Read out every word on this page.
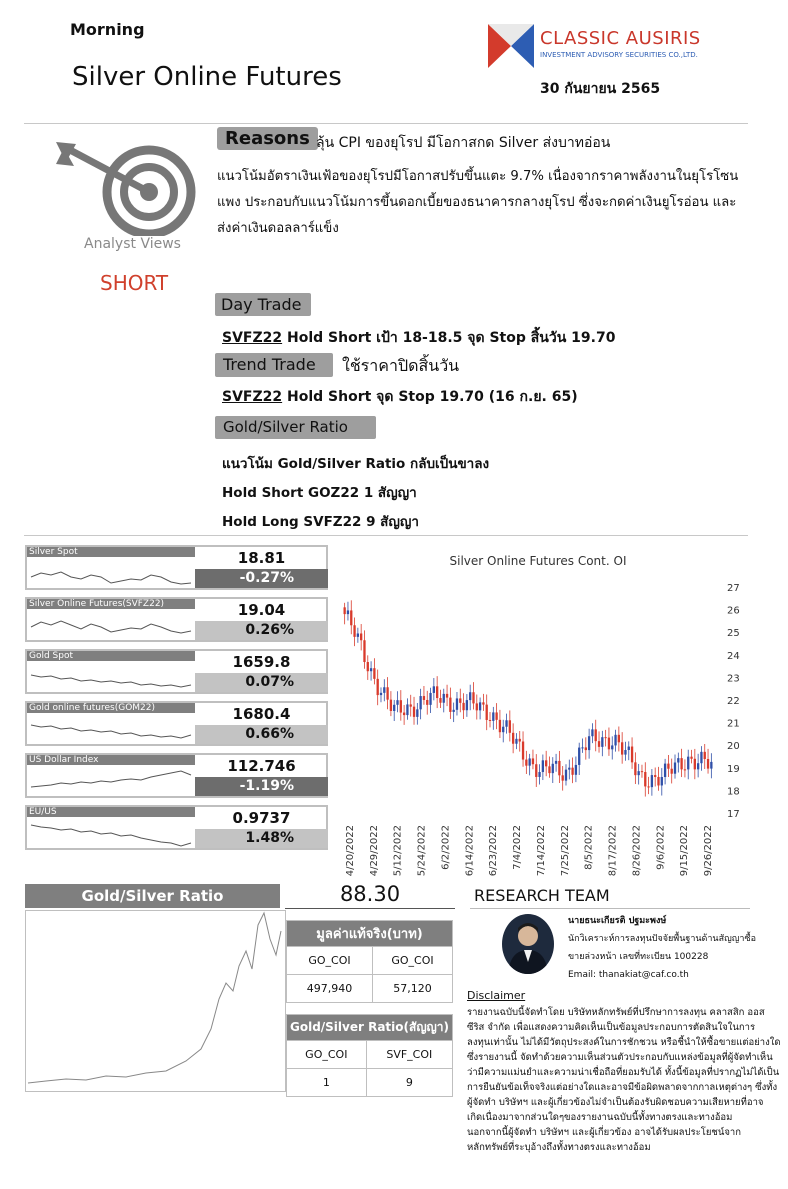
Morning
Silver Online Futures
CLASSIC AUSIRIS
INVESTMENT ADVISORY SECURITIES CO.,LTD.
30 กันยายน 2565
Analyst Views
SHORT
Reasons ลุ้น CPI ของยุโรป มีโอกาสกด Silver ส่งบาทอ่อน
แนวโน้มอัตราเงินเฟ้อของยุโรปมีโอกาสปรับขึ้นแตะ 9.7% เนื่องจากราคาพลังงานในยุโรโซน
แพง ประกอบกับแนวโน้มการขึ้นดอกเบี้ยของธนาคารกลางยุโรป ซึ่งจะกดค่าเงินยูโรอ่อน และ
ส่งค่าเงินดอลลาร์แข็ง
Day Trade
SVFZ22 Hold Short เป้า 18-18.5 จุด Stop สิ้นวัน 19.70
Trend Trade	ใช้ราคาปิดสิ้นวัน
SVFZ22 Hold Short จุด Stop 19.70 (16 ก.ย. 65)
Gold/Silver Ratio
แนวโน้ม Gold/Silver Ratio กลับเป็นขาลง
Hold Short GOZ22 1 สัญญา
Hold Long SVFZ22 9 สัญญา
Silver Spot	18.81
-0.27%
Silver Online Futures(SVFZ22)	19.04
0.26%
Gold Spot	1659.8
0.07%
Gold online futures(GOM22)	1680.4
0.66%
US Dollar Index	112.746
-1.19%
EU/US	0.9737
1.48%
Silver Online Futures Cont. OI
27
26
25
24
23
22
21
20
19
18
17
4/20/2022 4/29/2022 5/12/2022 5/24/2022 6/2/2022 6/14/2022 6/23/2022 7/4/2022 7/14/2022 7/25/2022 8/5/2022 8/17/2022 8/26/2022 9/6/2022 9/15/2022 9/26/2022
Gold/Silver Ratio	88.30
มูลค่าแท้จริง(บาท)	
GO_COI	GO_COI
497,940	57,120
Gold/Silver Ratio(สัญญา)	
GO_COI	SVF_COI
1	9
RESEARCH TEAM
นายธนะเกียรติ ปฐมะพงษ์
นักวิเคราะห์การลงทุนปัจจัยพื้นฐานด้านสัญญาซื้อ
ขายล่วงหน้า เลขที่ทะเบียน 100228
Email: thanakiat@caf.co.th
Disclaimer
รายงานฉบับนี้จัดทำโดย บริษัทหลักทรัพย์ที่ปรึกษาการลงทุน คลาสสิก ออส
ซีริส จำกัด เพื่อแสดงความคิดเห็นเป็นข้อมูลประกอบการตัดสินใจในการ
ลงทุนเท่านั้น ไม่ได้มีวัตถุประสงค์ในการชักชวน หรือชี้นำให้ซื้อขายแต่อย่างใด
ซึ่งรายงานนี้ จัดทำด้วยความเห็นส่วนตัวประกอบกับแหล่งข้อมูลที่ผู้จัดทำเห็น
ว่ามีความแม่นยำและความน่าเชื่อถือที่ยอมรับได้ ทั้งนี้ข้อมูลที่ปรากฏไม่ได้เป็น
การยืนยันข้อเท็จจริงแต่อย่างใดและอาจมีข้อผิดพลาดจากกาลเหตุต่างๆ ซึ่งทั้ง
ผู้จัดทำ บริษัทฯ และผู้เกี่ยวข้องไม่จำเป็นต้องรับผิดชอบความเสียหายที่อาจ
เกิดเนื่องมาจากส่วนใดๆของรายงานฉบับนี้ทั้งทางตรงและทางอ้อม
นอกจากนี้ผู้จัดทำ บริษัทฯ และผู้เกี่ยวข้อง อาจได้รับผลประโยชน์จาก
หลักทรัพย์ที่ระบุอ้างถึงทั้งทางตรงและทางอ้อม
